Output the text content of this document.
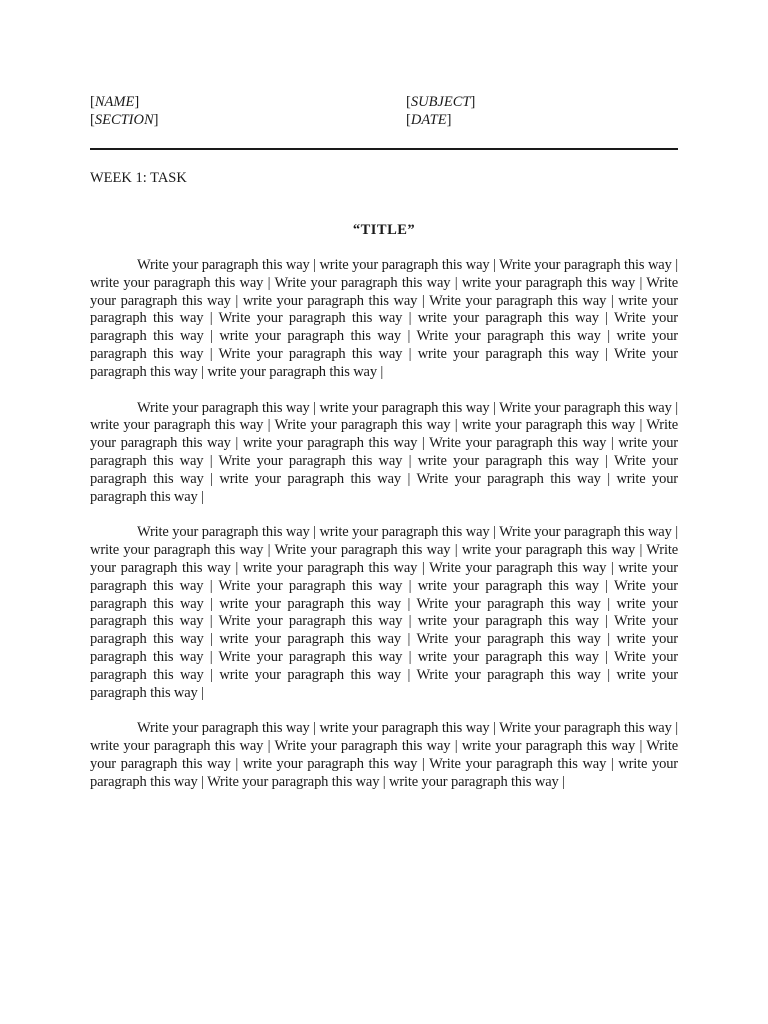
[NAME]
[SECTION]
[SUBJECT]
[DATE]
WEEK 1: TASK
“TITLE”

Write your paragraph this way | write your paragraph this way | Write your paragraph this way | write your paragraph this way | Write your paragraph this way | write your paragraph this way | Write your paragraph this way | write your paragraph this way | Write your paragraph this way | write your paragraph this way | Write your paragraph this way | write your paragraph this way | Write your paragraph this way | write your paragraph this way | Write your paragraph this way | write your paragraph this way | Write your paragraph this way | write your paragraph this way | Write your paragraph this way | write your paragraph this way |

Write your paragraph this way | write your paragraph this way | Write your paragraph this way | write your paragraph this way | Write your paragraph this way | write your paragraph this way | Write your paragraph this way | write your paragraph this way | Write your paragraph this way | write your paragraph this way | Write your paragraph this way | write your paragraph this way | Write your paragraph this way | write your paragraph this way | Write your paragraph this way | write your paragraph this way |

Write your paragraph this way | write your paragraph this way | Write your paragraph this way | write your paragraph this way | Write your paragraph this way | write your paragraph this way | Write your paragraph this way | write your paragraph this way | Write your paragraph this way | write your paragraph this way | Write your paragraph this way | write your paragraph this way | Write your paragraph this way | write your paragraph this way | Write your paragraph this way | write your paragraph this way | Write your paragraph this way | write your paragraph this way | Write your paragraph this way | write your paragraph this way | Write your paragraph this way | write your paragraph this way | Write your paragraph this way | write your paragraph this way | Write your paragraph this way | write your paragraph this way | Write your paragraph this way | write your paragraph this way |

Write your paragraph this way | write your paragraph this way | Write your paragraph this way | write your paragraph this way | Write your paragraph this way | write your paragraph this way | Write your paragraph this way | write your paragraph this way | Write your paragraph this way | write your paragraph this way | Write your paragraph this way | write your paragraph this way |
